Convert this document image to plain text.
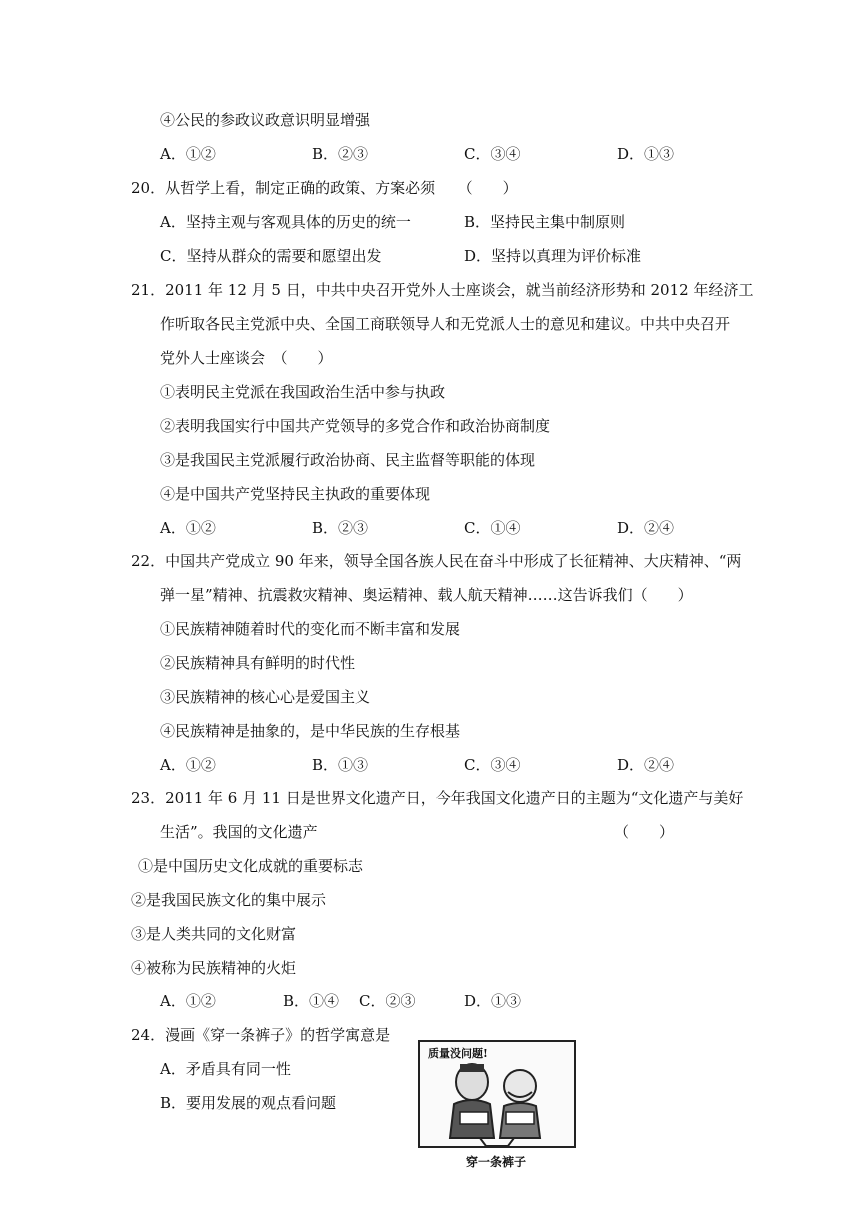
④公民的参政议政意识明显增强
A．①②	B．②③	C．③④	D．①③
20．从哲学上看，制定正确的政策、方案必须　　（　　）
A．坚持主观与客观具体的历史的统一	B．坚持民主集中制原则
C．坚持从群众的需要和愿望出发	D．坚持以真理为评价标准
21．2011 年 12 月 5 日，中共中央召开党外人士座谈会，就当前经济形势和 2012 年经济工
作听取各民主党派中央、全国工商联领导人和无党派人士的意见和建议。中共中央召开
党外人士座谈会　（　　）
①表明民主党派在我国政治生活中参与执政
②表明我国实行中国共产党领导的多党合作和政治协商制度
③是我国民主党派履行政治协商、民主监督等职能的体现
④是中国共产党坚持民主执政的重要体现
A．①②	B．②③	C．①④	D．②④
22．中国共产党成立 90 年来，领导全国各族人民在奋斗中形成了长征精神、大庆精神、“两
弹一星”精神、抗震救灾精神、奥运精神、载人航天精神……这告诉我们（　　）
①民族精神随着时代的变化而不断丰富和发展
②民族精神具有鲜明的时代性
③民族精神的核心心是爱国主义
④民族精神是抽象的，是中华民族的生存根基
A．①②	B．①③	C．③④	D．②④
23．2011 年 6 月 11 日是世界文化遗产日，今年我国文化遗产日的主题为“文化遗产与美好
生活”。我国的文化遗产	（　　）
①是中国历史文化成就的重要标志
②是我国民族文化的集中展示
③是人类共同的文化财富
④被称为民族精神的火炬
A．①②	B．①④ C．②③	D．①③
24．漫画《穿一条裤子》的哲学寓意是
A．矛盾具有同一性
B．要用发展的观点看问题
质量没问题!
穿一条裤子
